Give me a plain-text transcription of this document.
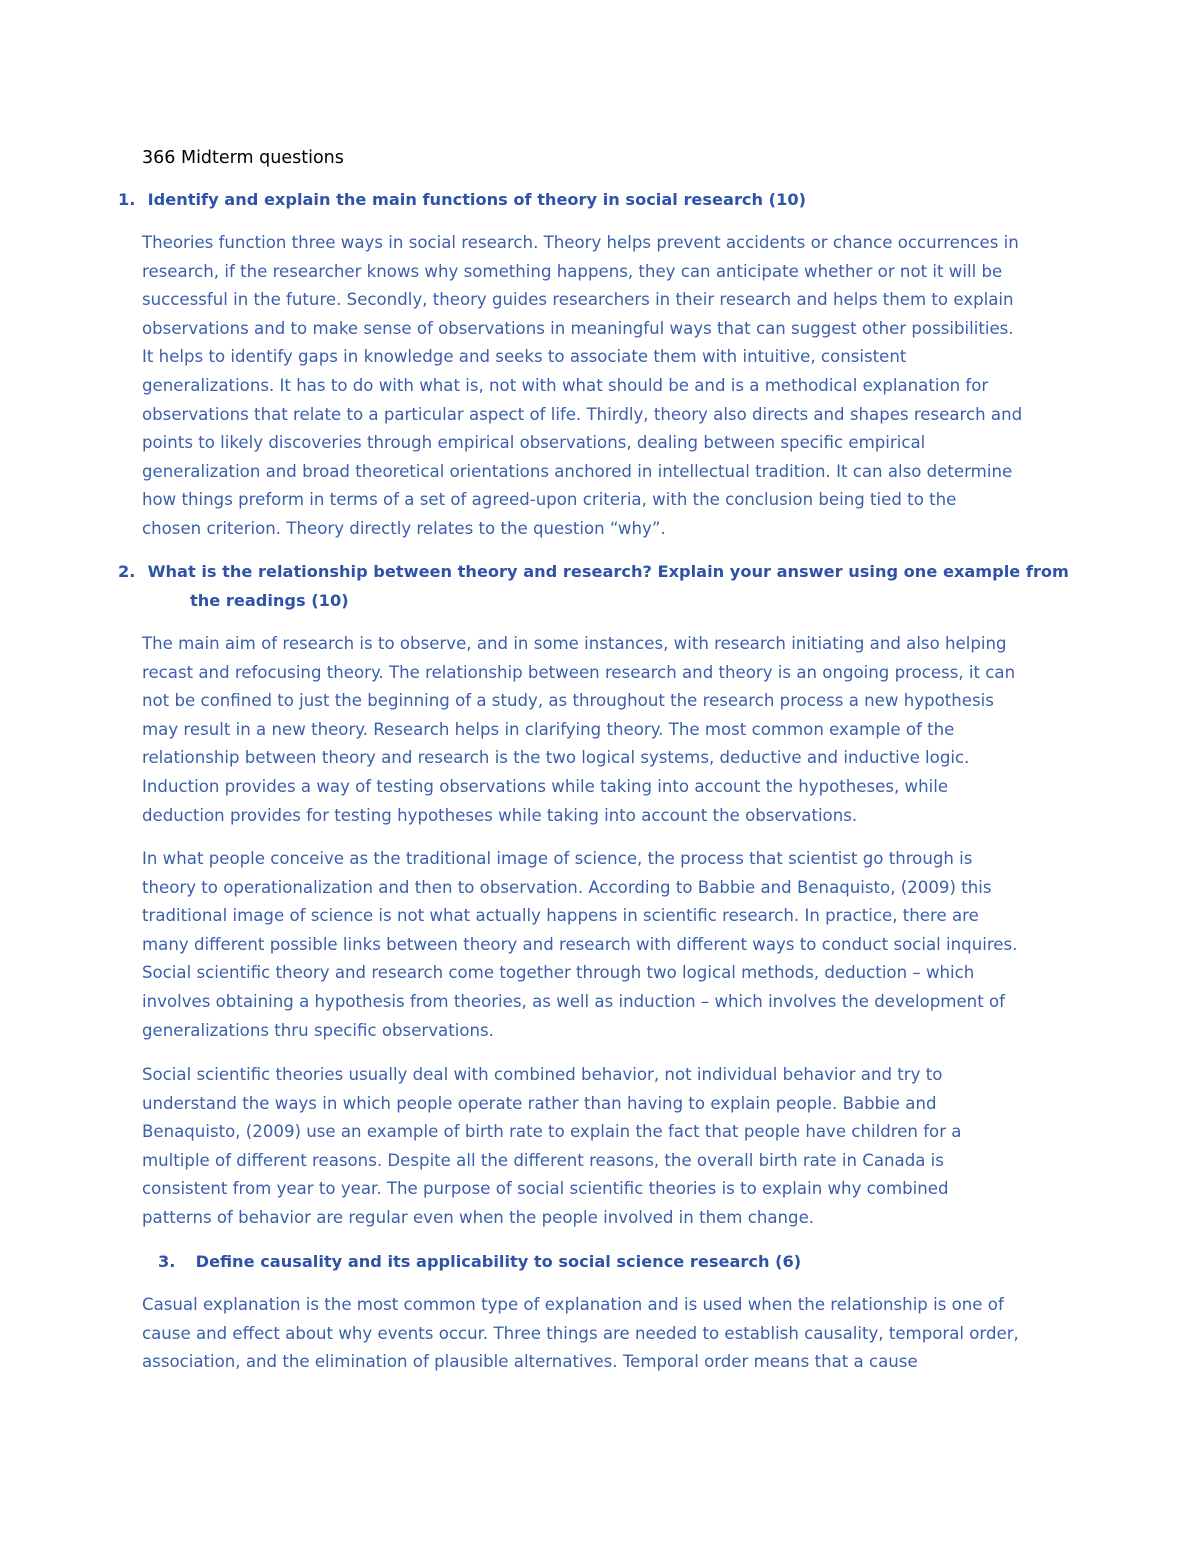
366 Midterm questions
1. Identify and explain the main functions of theory in social research (10)
Theories function three ways in social research. Theory helps prevent accidents or chance occurrences in
research, if the researcher knows why something happens, they can anticipate whether or not it will be
successful in the future. Secondly, theory guides researchers in their research and helps them to explain
observations and to make sense of observations in meaningful ways that can suggest other possibilities.
It helps to identify gaps in knowledge and seeks to associate them with intuitive, consistent
generalizations. It has to do with what is, not with what should be and is a methodical explanation for
observations that relate to a particular aspect of life. Thirdly, theory also directs and shapes research and
points to likely discoveries through empirical observations, dealing between specific empirical
generalization and broad theoretical orientations anchored in intellectual tradition. It can also determine
how things preform in terms of a set of agreed-upon criteria, with the conclusion being tied to the
chosen criterion. Theory directly relates to the question “why”.
2. What is the relationship between theory and research? Explain your answer using one example from
the readings (10)
The main aim of research is to observe, and in some instances, with research initiating and also helping
recast and refocusing theory. The relationship between research and theory is an ongoing process, it can
not be confined to just the beginning of a study, as throughout the research process a new hypothesis
may result in a new theory. Research helps in clarifying theory. The most common example of the
relationship between theory and research is the two logical systems, deductive and inductive logic.
Induction provides a way of testing observations while taking into account the hypotheses, while
deduction provides for testing hypotheses while taking into account the observations.
In what people conceive as the traditional image of science, the process that scientist go through is
theory to operationalization and then to observation. According to Babbie and Benaquisto, (2009) this
traditional image of science is not what actually happens in scientific research. In practice, there are
many different possible links between theory and research with different ways to conduct social inquires.
Social scientific theory and research come together through two logical methods, deduction – which
involves obtaining a hypothesis from theories, as well as induction – which involves the development of
generalizations thru specific observations.
Social scientific theories usually deal with combined behavior, not individual behavior and try to
understand the ways in which people operate rather than having to explain people. Babbie and
Benaquisto, (2009) use an example of birth rate to explain the fact that people have children for a
multiple of different reasons. Despite all the different reasons, the overall birth rate in Canada is
consistent from year to year. The purpose of social scientific theories is to explain why combined
patterns of behavior are regular even when the people involved in them change.
3. Define causality and its applicability to social science research (6)
Casual explanation is the most common type of explanation and is used when the relationship is one of
cause and effect about why events occur. Three things are needed to establish causality, temporal order,
association, and the elimination of plausible alternatives. Temporal order means that a cause
